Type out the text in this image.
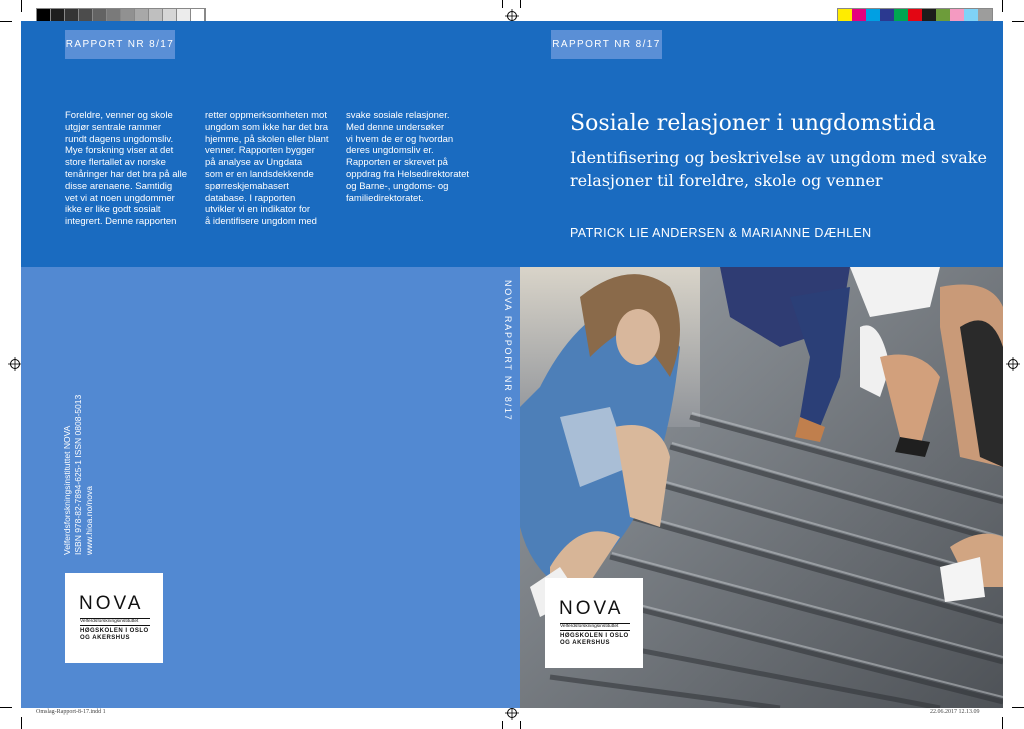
RAPPORT NR 8/17	RAPPORT NR 8/17
Foreldre, venner og skole
utgjør sentrale rammer
rundt dagens ungdomsliv.
Mye forskning viser at det
store flertallet av norske
tenåringer har det bra på alle
disse arenaene. Samtidig
vet vi at noen ungdommer
ikke er like godt sosialt
integrert. Denne rapporten
retter oppmerksomheten mot
ungdom som ikke har det bra
hjemme, på skolen eller blant
venner. Rapporten bygger
på analyse av Ungdata
som er en landsdekkende
spørreskjemabasert
database. I rapporten
utvikler vi en indikator for
å identifisere ungdom med
svake sosiale relasjoner.
Med denne undersøker
vi hvem de er og hvordan
deres ungdomsliv er.
Rapporten er skrevet på
oppdrag fra Helsedirektoratet
og Barne-, ungdoms- og
familiedirektoratet.
Sosiale relasjoner i ungdomstida
Identifisering og beskrivelse av ungdom med svake relasjoner til foreldre, skole og venner
PATRICK LIE ANDERSEN & MARIANNE DÆHLEN
NOVA RAPPORT NR 8/17
Velferdsforskningsinstituttet NOVA ISBN 978-82-7894-625-1 ISSN 0808-5013 www.hioa.no/nova
NOVA
Velferdsforskningsinstituttet
HØGSKOLEN I OSLO
OG AKERSHUS
NOVA
Velferdsforskningsinstituttet
HØGSKOLEN I OSLO
OG AKERSHUS
Omslag-Rapport-8-17.indd 1	22.06.2017 12.13.09
